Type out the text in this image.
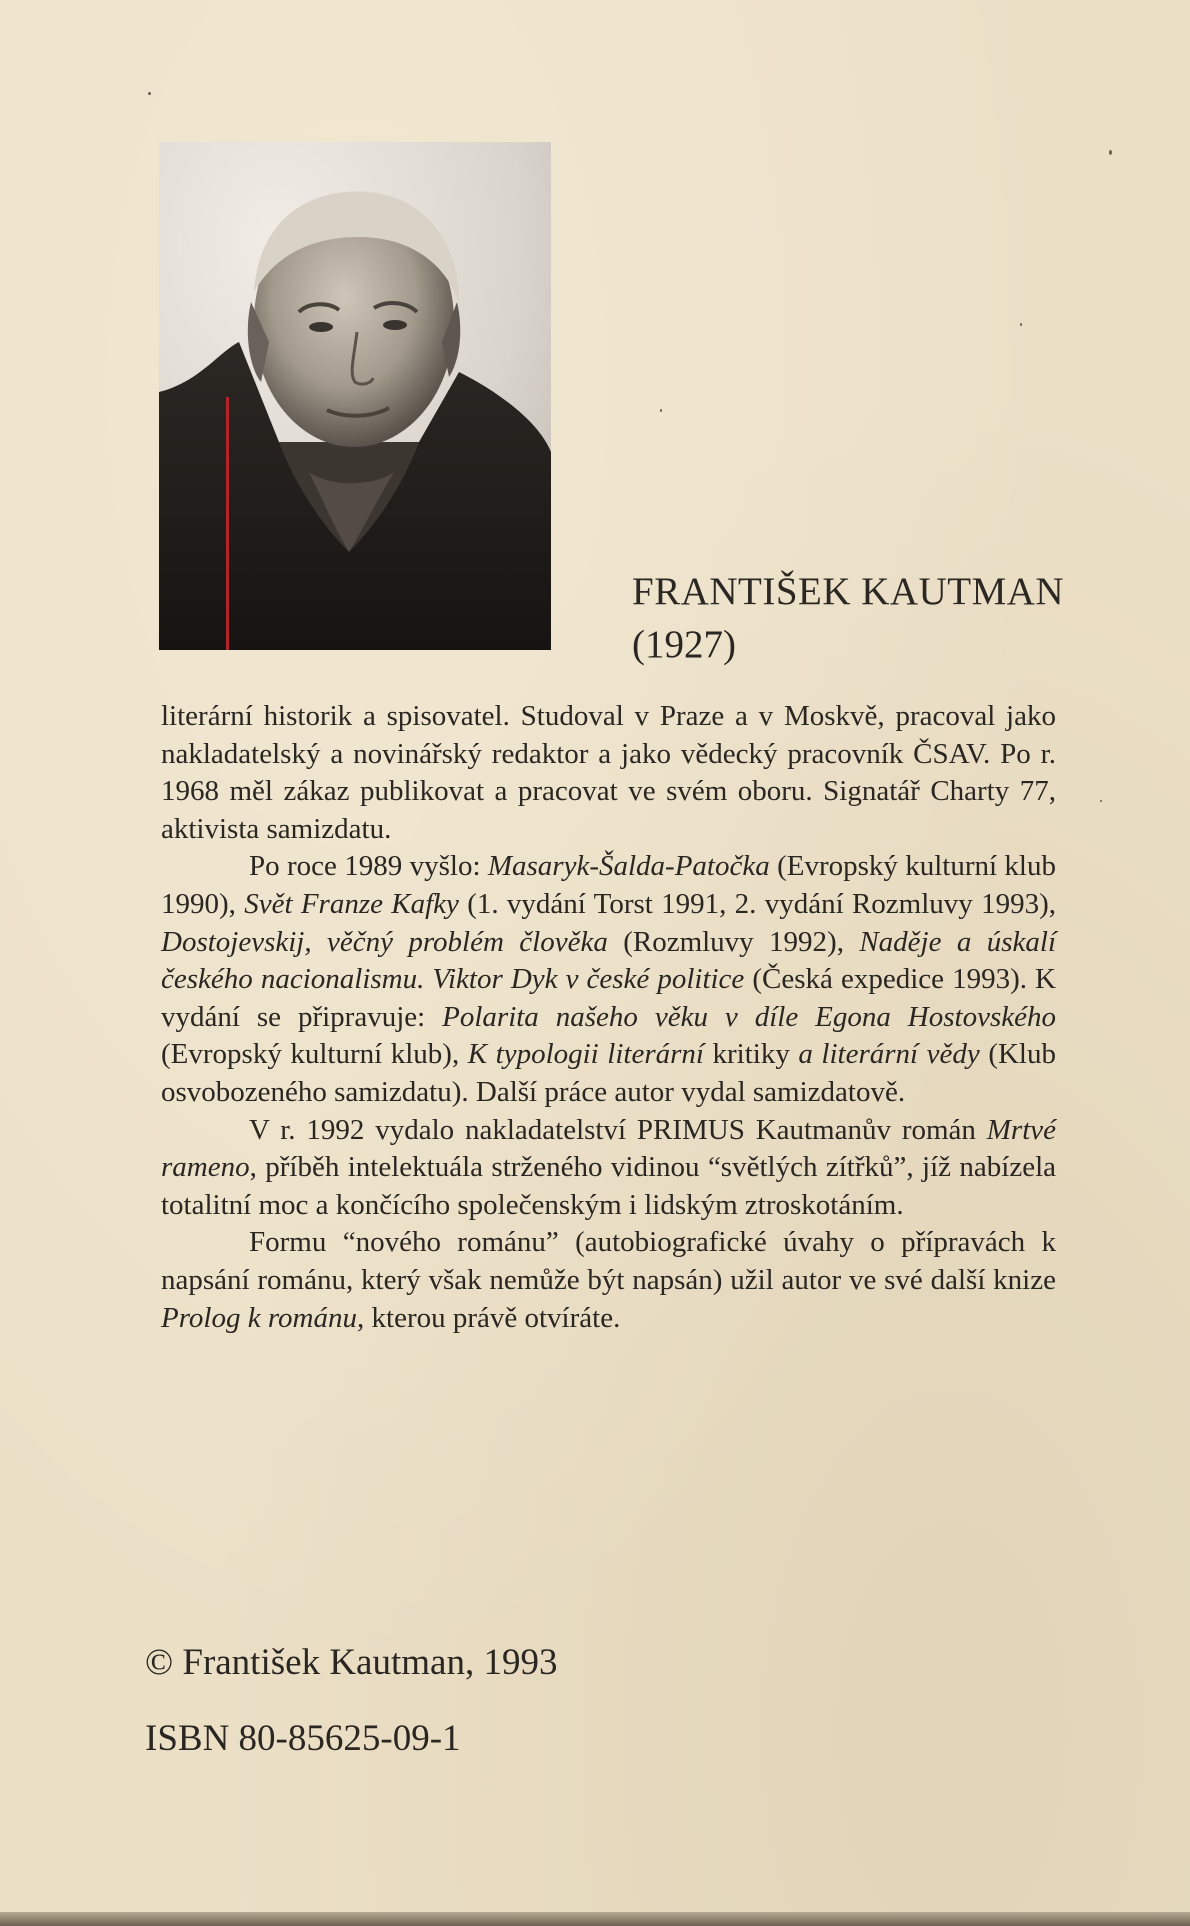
FRANTIŠEK KAUTMAN
(1927)

literární historik a spisovatel. Studoval v Praze a v Moskvě, pracoval jako nakladatelský a novinářský redaktor a jako vědecký pracovník ČSAV. Po r. 1968 měl zákaz publikovat a pracovat ve svém oboru. Signatář Charty 77, aktivista samizdatu.

Po roce 1989 vyšlo: Masaryk-Šalda-Patočka (Evropský kulturní klub 1990), Svět Franze Kafky (1. vydání Torst 1991, 2. vydání Rozmluvy 1993), Dostojevskij, věčný problém člověka (Rozmluvy 1992), Naděje a úskalí českého nacionalismu. Viktor Dyk v české politice (Česká expedice 1993). K vydání se připravuje: Polarita našeho věku v díle Egona Hostovského (Evropský kulturní klub), K typologii literární kritiky a literární vědy (Klub osvobozeného samizdatu). Další práce autor vydal samizdatově.

V r. 1992 vydalo nakladatelství PRIMUS Kautmanův román Mrtvé rameno, příběh intelektuála strženého vidinou “světlých zítřků”, jíž nabízela totalitní moc a končícího společenským i lidským ztroskotáním.

Formu “nového románu” (autobiografické úvahy o přípravách k napsání románu, který však nemůže být napsán) užil autor ve své další knize Prolog k románu, kterou právě otvíráte.

© František Kautman, 1993
ISBN 80-85625-09-1
